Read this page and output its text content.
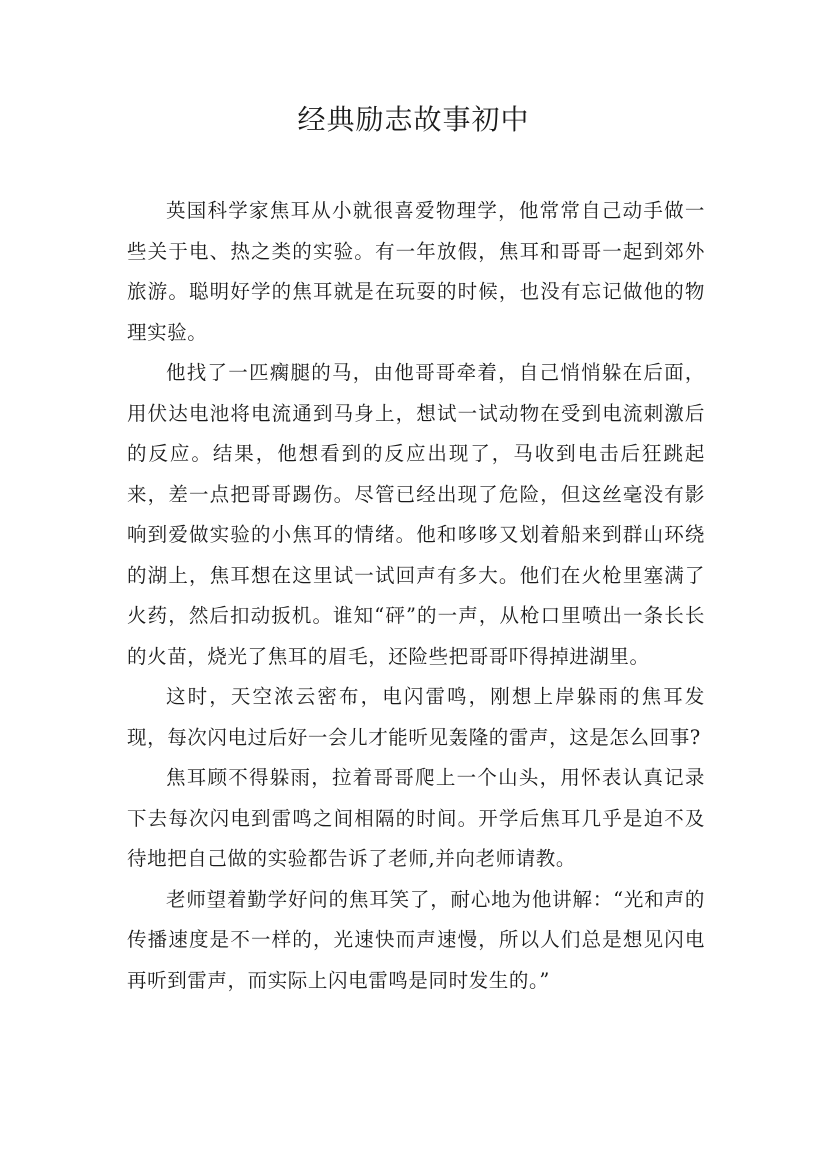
经典励志故事初中

英国科学家焦耳从小就很喜爱物理学，他常常自己动手做一些关于电、热之类的实验。有一年放假，焦耳和哥哥一起到郊外旅游。聪明好学的焦耳就是在玩耍的时候，也没有忘记做他的物理实验。

他找了一匹瘸腿的马，由他哥哥牵着，自己悄悄躲在后面，用伏达电池将电流通到马身上，想试一试动物在受到电流刺激后的反应。结果，他想看到的反应出现了，马收到电击后狂跳起来，差一点把哥哥踢伤。尽管已经出现了危险，但这丝毫没有影响到爱做实验的小焦耳的情绪。他和哆哆又划着船来到群山环绕的湖上，焦耳想在这里试一试回声有多大。他们在火枪里塞满了火药，然后扣动扳机。谁知“砰”的一声，从枪口里喷出一条长长的火苗，烧光了焦耳的眉毛，还险些把哥哥吓得掉进湖里。

这时，天空浓云密布，电闪雷鸣，刚想上岸躲雨的焦耳发现，每次闪电过后好一会儿才能听见轰隆的雷声，这是怎么回事?

焦耳顾不得躲雨，拉着哥哥爬上一个山头，用怀表认真记录下去每次闪电到雷鸣之间相隔的时间。开学后焦耳几乎是迫不及待地把自己做的实验都告诉了老师,并向老师请教。

老师望着勤学好问的焦耳笑了，耐心地为他讲解：“光和声的传播速度是不一样的，光速快而声速慢，所以人们总是想见闪电再听到雷声，而实际上闪电雷鸣是同时发生的。”
